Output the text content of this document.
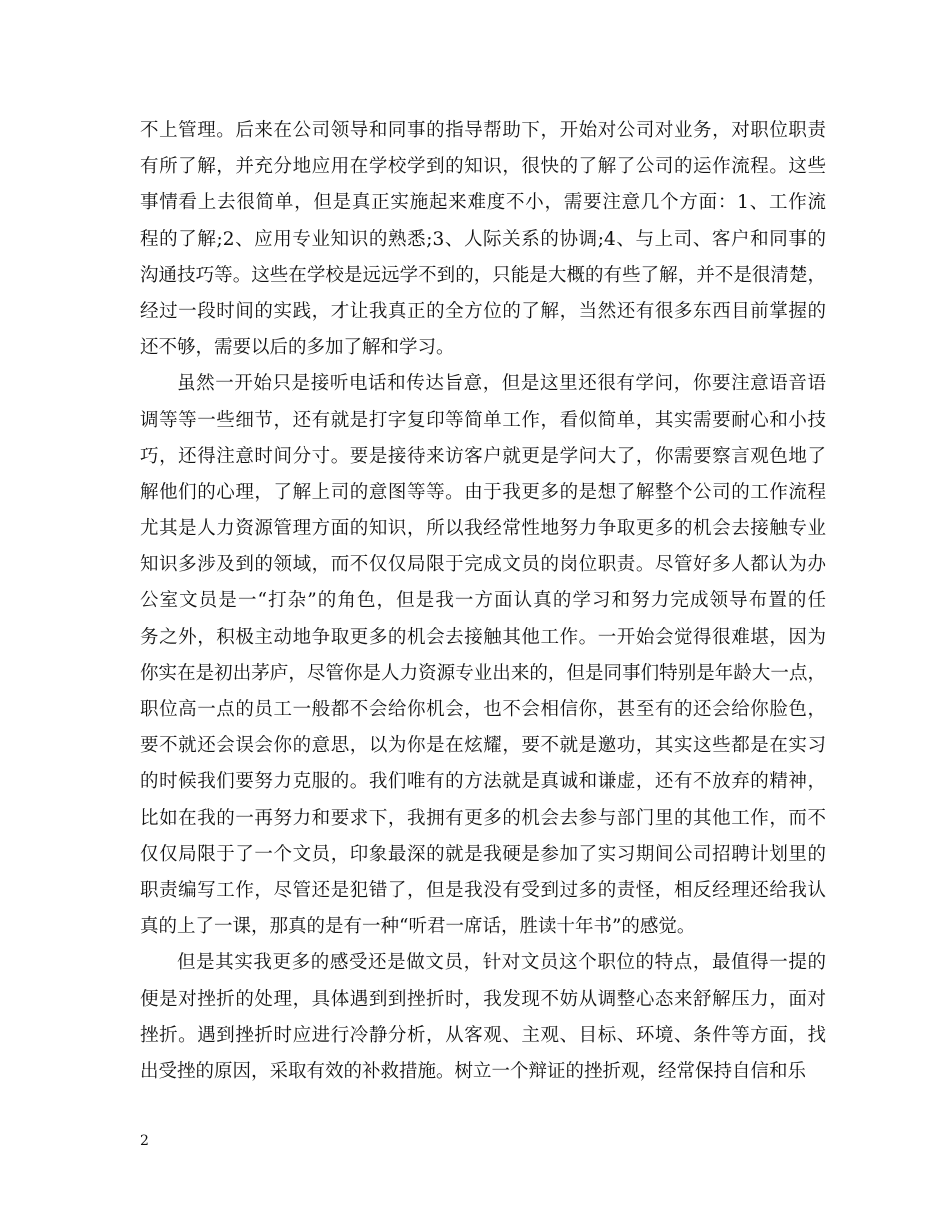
不上管理。后来在公司领导和同事的指导帮助下，开始对公司对业务，对职位职责
有所了解，并充分地应用在学校学到的知识，很快的了解了公司的运作流程。这些
事情看上去很简单，但是真正实施起来难度不小，需要注意几个方面：1、工作流
程的了解;2、应用专业知识的熟悉;3、人际关系的协调;4、与上司、客户和同事的
沟通技巧等。这些在学校是远远学不到的，只能是大概的有些了解，并不是很清楚，
经过一段时间的实践，才让我真正的全方位的了解，当然还有很多东西目前掌握的
还不够，需要以后的多加了解和学习。
虽然一开始只是接听电话和传达旨意，但是这里还很有学问，你要注意语音语
调等等一些细节，还有就是打字复印等简单工作，看似简单，其实需要耐心和小技
巧，还得注意时间分寸。要是接待来访客户就更是学问大了，你需要察言观色地了
解他们的心理，了解上司的意图等等。由于我更多的是想了解整个公司的工作流程
尤其是人力资源管理方面的知识，所以我经常性地努力争取更多的机会去接触专业
知识多涉及到的领域，而不仅仅局限于完成文员的岗位职责。尽管好多人都认为办
公室文员是一“打杂”的角色，但是我一方面认真的学习和努力完成领导布置的任
务之外，积极主动地争取更多的机会去接触其他工作。一开始会觉得很难堪，因为
你实在是初出茅庐，尽管你是人力资源专业出来的，但是同事们特别是年龄大一点，
职位高一点的员工一般都不会给你机会，也不会相信你，甚至有的还会给你脸色，
要不就还会误会你的意思，以为你是在炫耀，要不就是邀功，其实这些都是在实习
的时候我们要努力克服的。我们唯有的方法就是真诚和谦虚，还有不放弃的精神，
比如在我的一再努力和要求下，我拥有更多的机会去参与部门里的其他工作，而不
仅仅局限于了一个文员，印象最深的就是我硬是参加了实习期间公司招聘计划里的
职责编写工作，尽管还是犯错了，但是我没有受到过多的责怪，相反经理还给我认
真的上了一课，那真的是有一种“听君一席话，胜读十年书”的感觉。
但是其实我更多的感受还是做文员，针对文员这个职位的特点，最值得一提的
便是对挫折的处理，具体遇到到挫折时，我发现不妨从调整心态来舒解压力，面对
挫折。遇到挫折时应进行冷静分析，从客观、主观、目标、环境、条件等方面，找
出受挫的原因，采取有效的补救措施。树立一个辩证的挫折观，经常保持自信和乐
2
